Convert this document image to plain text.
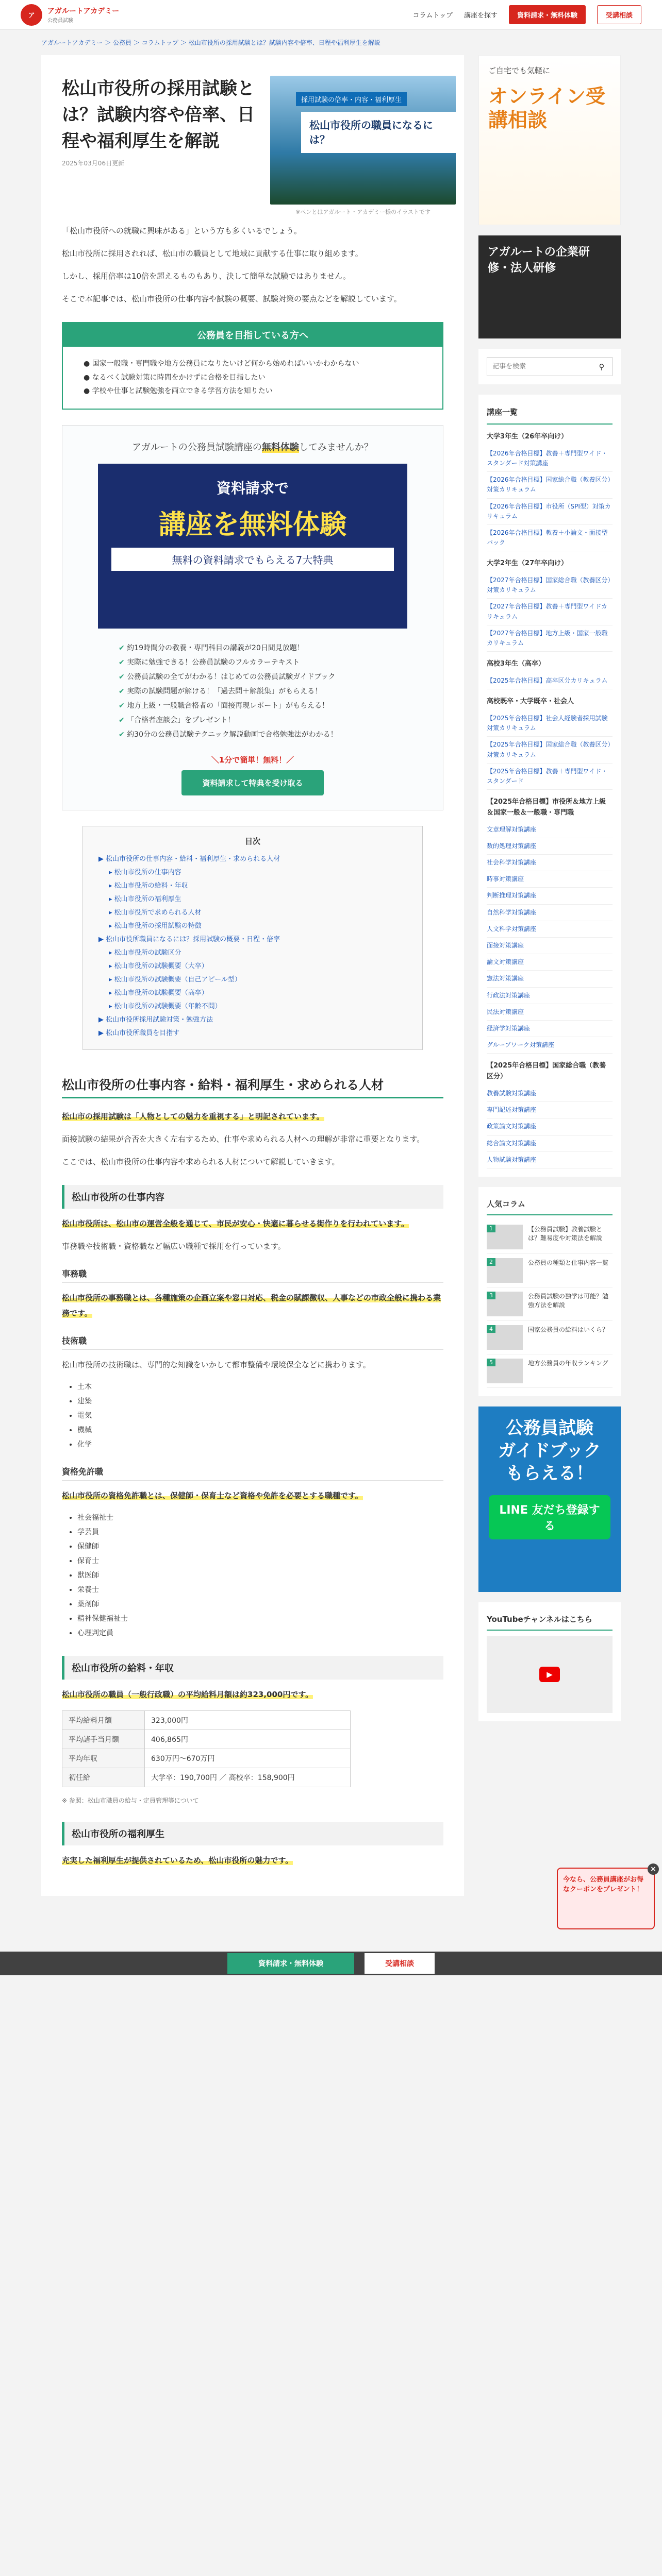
ア
アガルートアカデミー
公務員試験
コラムトップ 講座を探す	資料請求・無料体験	受講相談
アガルートアカデミー ＞ 公務員 ＞ コラムトップ ＞ 松山市役所の採用試験とは？試験内容や倍率、日程や福利厚生を解説
松山市役所の採用試験とは？試験内容や倍率、日程や福利厚生を解説
2025年03月06日更新
採用試験の倍率・内容・福利厚生
松山市役所の職員になるには？
※ペンとはアガルート・アカデミー様のイラストです

「松山市役所への就職に興味がある」という方も多くいるでしょう。

松山市役所に採用されれば、松山市の職員として地域に貢献する仕事に取り組めます。

しかし、採用倍率は10倍を超えるものもあり、決して簡単な試験ではありません。

そこで本記事では、松山市役所の仕事内容や試験の概要、試験対策の要点などを解説しています。

公務員を目指している方へ
● 国家一般職・専門職や地方公務員になりたいけど何から始めればいいかわからない
● なるべく試験対策に時間をかけずに合格を目指したい
● 学校や仕事と試験勉強を両立できる学習方法を知りたい
アガルートの公務員試験講座の無料体験してみませんか？
資料請求で
講座を無料体験
無料の資料請求でもらえる7大特典
✔ 約19時間分の教養・専門科目の講義が20日間見放題！
✔ 実際に勉強できる！公務員試験のフルカラーテキスト
✔ 公務員試験の全てがわかる！はじめての公務員試験ガイドブック
✔ 実際の試験問題が解ける！「過去問＋解説集」がもらえる！
✔ 地方上級・一般職合格者の「面接再現レポート」がもらえる！
✔ 「合格者座談会」をプレゼント！
✔ 約30分の公務員試験テクニック解説動画で合格勉強法がわかる！
＼1分で簡単！無料！／
資料請求して特典を受け取る
目次
▶ 松山市役所の仕事内容・給料・福利厚生・求められる人材
▸ 松山市役所の仕事内容
▸ 松山市役所の給料・年収
▸ 松山市役所の福利厚生
▸ 松山市役所で求められる人材
▸ 松山市役所の採用試験の特徴
▶ 松山市役所職員になるには？採用試験の概要・日程・倍率
▸ 松山市役所の試験区分
▸ 松山市役所の試験概要（大卒）
▸ 松山市役所の試験概要（自己アピール型）
▸ 松山市役所の試験概要（高卒）
▸ 松山市役所の試験概要（年齢不問）
▶ 松山市役所採用試験対策・勉強方法
▶ 松山市役所職員を目指す
松山市役所の仕事内容・給料・福利厚生・求められる人材

松山市の採用試験は「人物としての魅力を重視する」と明記されています。

面接試験の結果が合否を大きく左右するため、仕事や求められる人材への理解が非常に重要となります。

ここでは、松山市役所の仕事内容や求められる人材について解説していきます。

松山市役所の仕事内容

松山市役所は、松山市の運営全般を通じて、市民が安心・快適に暮らせる街作りを行われています。

事務職や技術職・資格職など幅広い職種で採用を行っています。

事務職

松山市役所の事務職とは、各種施策の企画立案や窓口対応、税金の賦課徴収、人事などの市政全般に携わる業務です。

技術職

松山市役所の技術職は、専門的な知識をいかして都市整備や環境保全などに携わります。

• 土木
• 建築
• 電気
• 機械
• 化学
資格免許職

松山市役所の資格免許職とは、保健師・保育士など資格や免許を必要とする職種です。

• 社会福祉士
• 学芸員
• 保健師
• 保育士
• 獣医師
• 栄養士
• 薬剤師
• 精神保健福祉士
• 心理判定員
松山市役所の給料・年収

松山市役所の職員（一般行政職）の平均給料月額は約323,000円です。

平均給料月額	323,000円
平均諸手当月額	406,865円
平均年収	630万円〜670万円
初任給	大学卒：190,700円 ／ 高校卒：158,900円

※ 参照：松山市職員の給与・定員管理等について

松山市役所の福利厚生

充実した福利厚生が提供されているため、松山市役所の魅力です。

ご自宅でも気軽に
オンライン受講相談
アガルートの企業研修・法人研修
記事を検索
⚲
講座一覧
大学3年生（26年卒向け）
【2026年合格目標】教養＋専門型ワイド・スタンダード対策講座
【2026年合格目標】国家総合職（教養区分）対策カリキュラム
【2026年合格目標】市役所（SPI型）対策カリキュラム
【2026年合格目標】教養＋小論文・面接型パック
大学2年生（27年卒向け）
【2027年合格目標】国家総合職（教養区分）対策カリキュラム
【2027年合格目標】教養＋専門型ワイドカリキュラム
【2027年合格目標】地方上級・国家一般職カリキュラム
高校3年生（高卒）
【2025年合格目標】高卒区分カリキュラム
高校既卒・大学既卒・社会人
【2025年合格目標】社会人経験者採用試験対策カリキュラム
【2025年合格目標】国家総合職（教養区分）対策カリキュラム
【2025年合格目標】教養＋専門型ワイド・スタンダード
【2025年合格目標】市役所＆地方上級＆国家一般＆一般職・専門職
文章理解対策講座
数的処理対策講座
社会科学対策講座
時事対策講座
判断推理対策講座
自然科学対策講座
人文科学対策講座
面接対策講座
論文対策講座
憲法対策講座
行政法対策講座
民法対策講座
経済学対策講座
グループワーク対策講座
【2025年合格目標】国家総合職（教養区分）
教養試験対策講座
専門記述対策講座
政策論文対策講座
総合論文対策講座
人物試験対策講座
人気コラム
1	【公務員試験】教養試験とは？難易度や対策法を解説
2	公務員の種類と仕事内容一覧
3	公務員試験の独学は可能？勉強方法を解説
4	国家公務員の給料はいくら？
5	地方公務員の年収ランキング
公務員試験
ガイドブック
もらえる！
LINE 友だち登録する
YouTubeチャンネルはこちら
▶
×
今なら、公務員講座がお得なクーポンをプレゼント！
資料請求・無料体験	受講相談
